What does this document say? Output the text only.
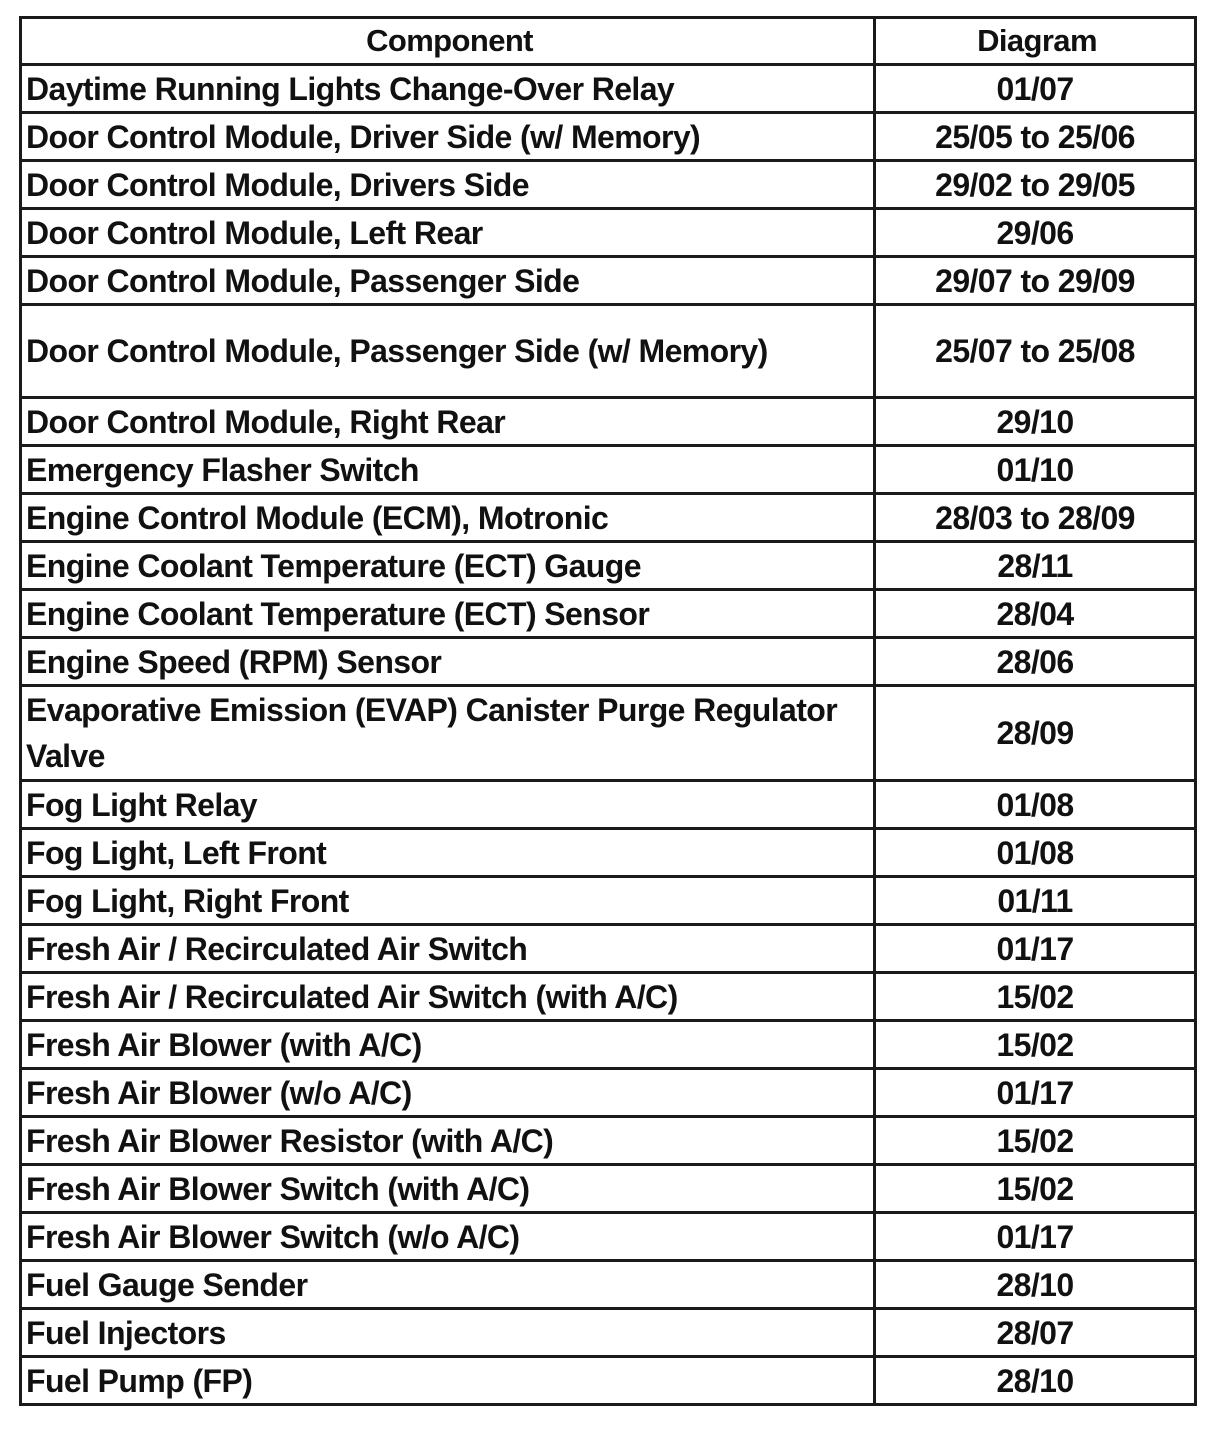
Component	Diagram
Daytime Running Lights Change-Over Relay	01/07
Door Control Module, Driver Side (w/ Memory)	25/05 to 25/06
Door Control Module, Drivers Side	29/02 to 29/05
Door Control Module, Left Rear	29/06
Door Control Module, Passenger Side	29/07 to 29/09
Door Control Module, Passenger Side (w/ Memory)	25/07 to 25/08
Door Control Module, Right Rear	29/10
Emergency Flasher Switch	01/10
Engine Control Module (ECM), Motronic	28/03 to 28/09
Engine Coolant Temperature (ECT) Gauge	28/11
Engine Coolant Temperature (ECT) Sensor	28/04
Engine Speed (RPM) Sensor	28/06
Evaporative Emission (EVAP) Canister Purge Regulator Valve	28/09
Fog Light Relay	01/08
Fog Light, Left Front	01/08
Fog Light, Right Front	01/11
Fresh Air / Recirculated Air Switch	01/17
Fresh Air / Recirculated Air Switch (with A/C)	15/02
Fresh Air Blower (with A/C)	15/02
Fresh Air Blower (w/o A/C)	01/17
Fresh Air Blower Resistor (with A/C)	15/02
Fresh Air Blower Switch (with A/C)	15/02
Fresh Air Blower Switch (w/o A/C)	01/17
Fuel Gauge Sender	28/10
Fuel Injectors	28/07
Fuel Pump (FP)	28/10
